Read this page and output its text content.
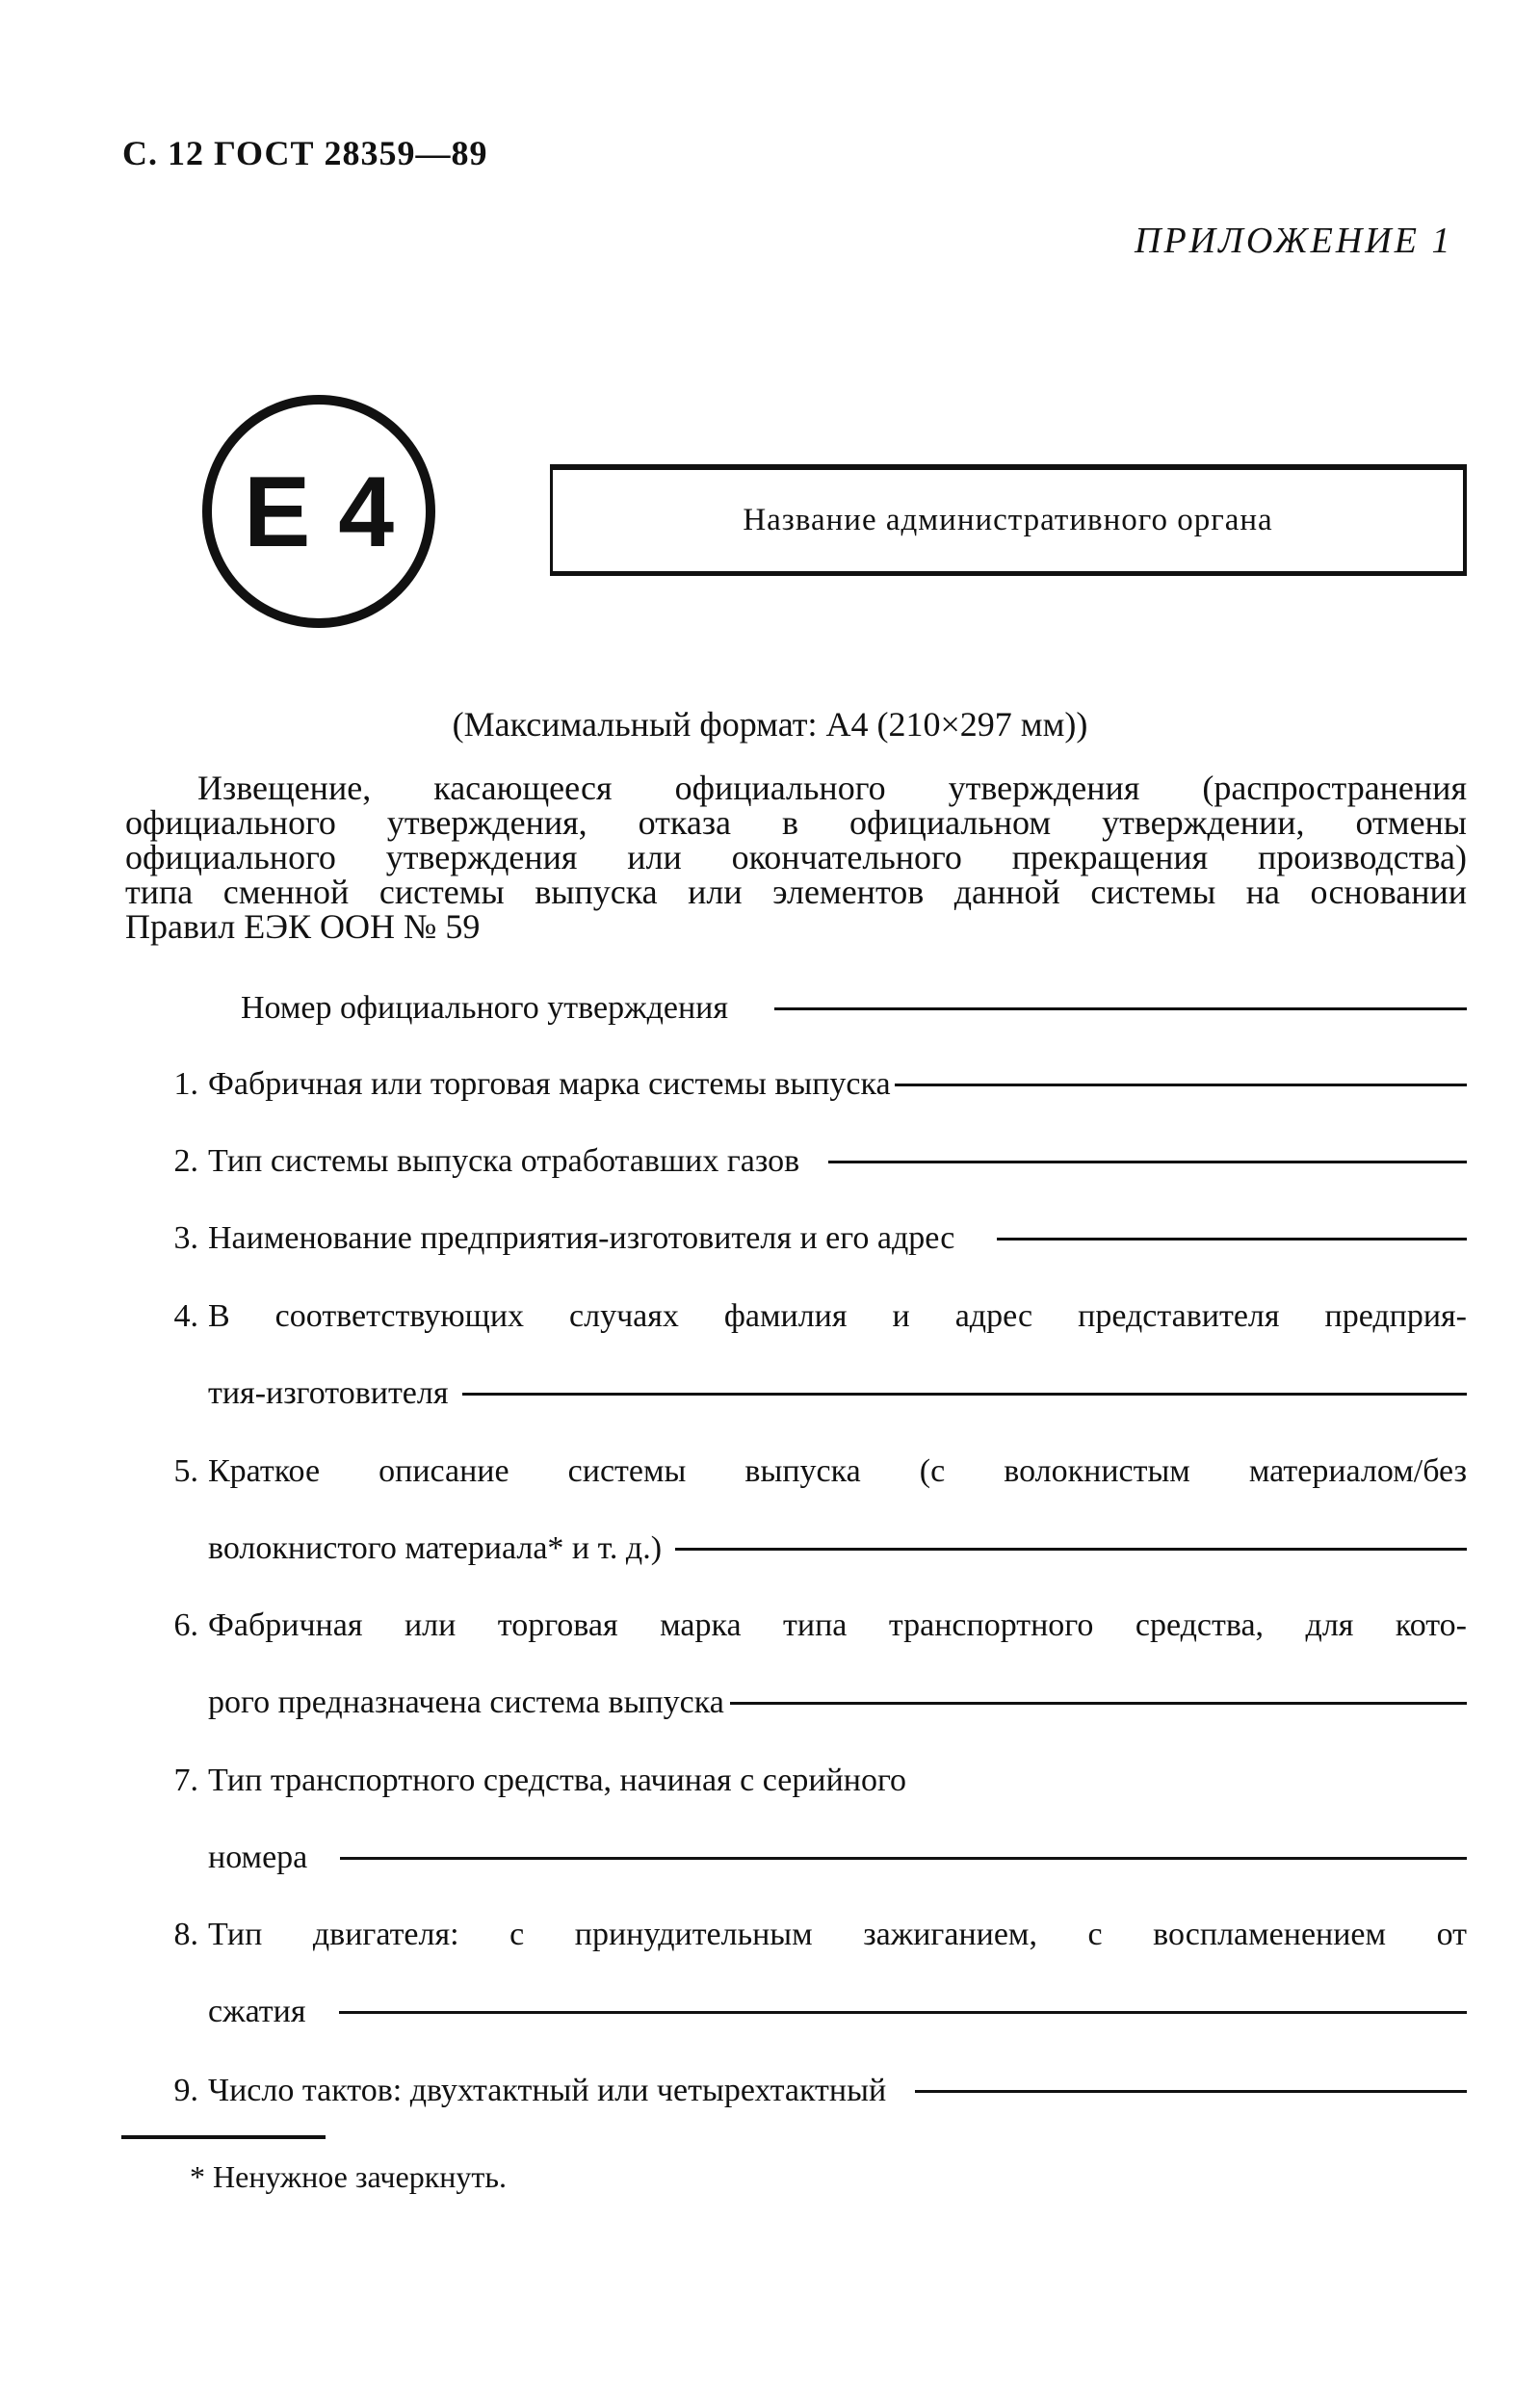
С. 12 ГОСТ 28359—89
ПРИЛОЖЕНИЕ 1
E 4	Название административного органа
(Максимальный формат: А4 (210×297 мм))

Извещение, касающееся официального утверждения (распространения

официального утверждения, отказа в официальном утверждении, отмены

официального утверждения или окончательного прекращения производства)

типа сменной системы выпуска или элементов данной системы на основании

Правил ЕЭК ООН № 59

Номер официального утверждения
1. Фабричная или торговая марка системы выпуска
2. Тип системы выпуска отработавших газов
3. Наименование предприятия-изготовителя и его адрес
4. В соответствующих случаях фамилия и адрес представителя предприя-
тия-изготовителя
5. Краткое описание системы выпуска (с волокнистым материалом/без
волокнистого материала* и т. д.)
6. Фабричная или торговая марка типа транспортного средства, для кото-
рого предназначена система выпуска
7. Тип транспортного средства, начиная с серийного
номера
8. Тип двигателя: с принудительным зажиганием, с воспламенением от
сжатия
9. Число тактов: двухтактный или четырехтактный
* Ненужное зачеркнуть.
